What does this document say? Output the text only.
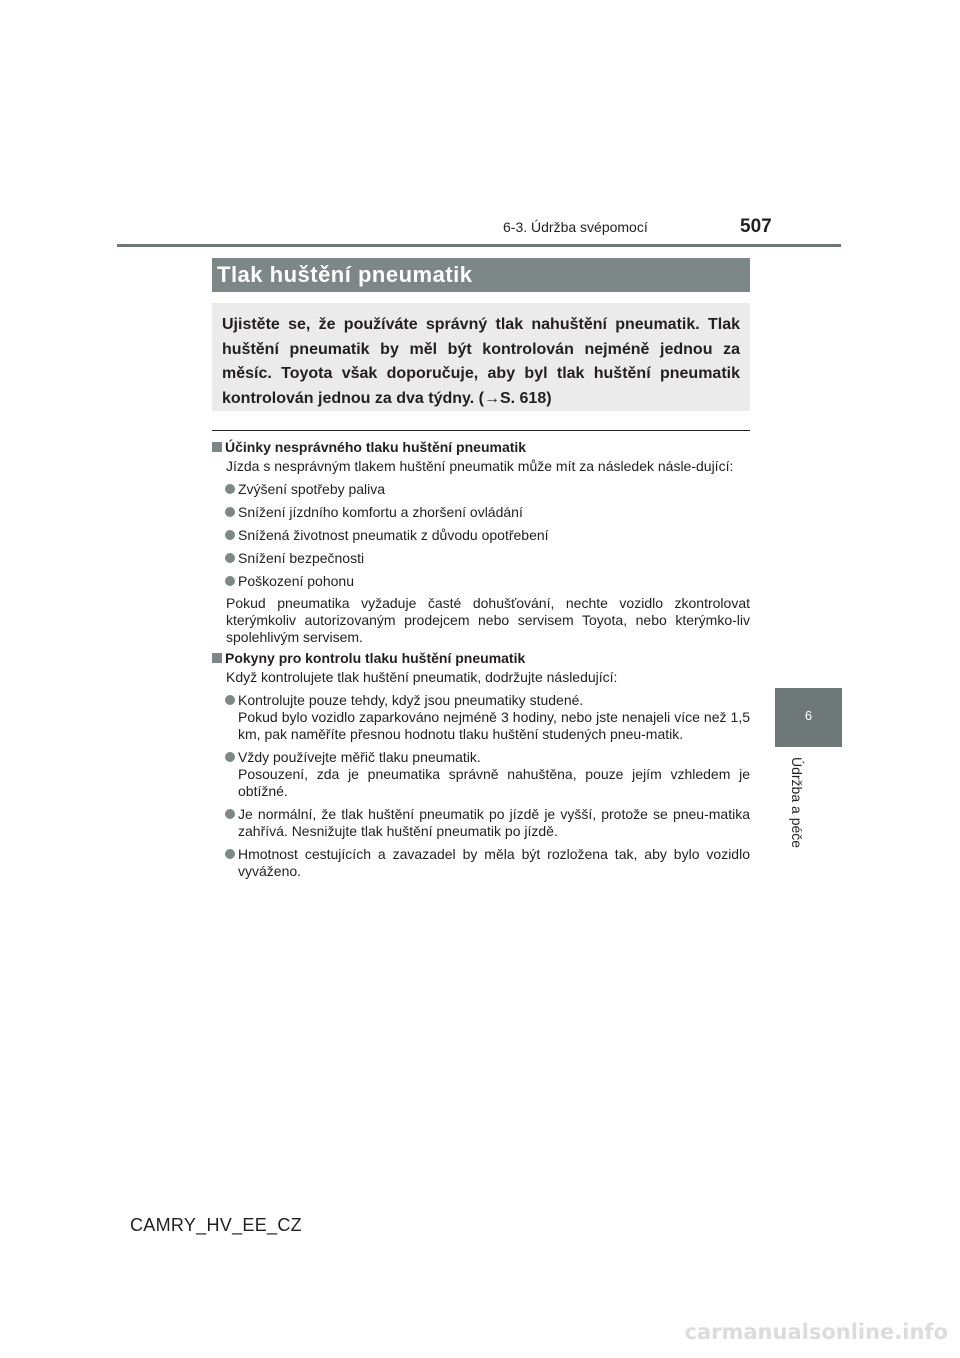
6-3. Údržba svépomocí	507
6
Údržba a péče
Tlak huštění pneumatik
Ujistěte se, že používáte správný tlak nahuštění pneumatik. Tlak huštění pneumatik by měl být kontrolován nejméně jednou za měsíc. Toyota však doporučuje, aby byl tlak huštění pneumatik kontrolován jednou za dva týdny. (→S. 618)
Účinky nesprávného tlaku huštění pneumatik
Jízda s nesprávným tlakem huštění pneumatik může mít za následek násle-dující:
Zvýšení spotřeby paliva
Snížení jízdního komfortu a zhoršení ovládání
Snížená životnost pneumatik z důvodu opotřebení
Snížení bezpečnosti
Poškození pohonu
Pokud pneumatika vyžaduje časté dohušťování, nechte vozidlo zkontrolovat kterýmkoliv autorizovaným prodejcem nebo servisem Toyota, nebo kterýmko-liv spolehlivým servisem.
Pokyny pro kontrolu tlaku huštění pneumatik
Když kontrolujete tlak huštění pneumatik, dodržujte následující:
Kontrolujte pouze tehdy, když jsou pneumatiky studené.
Pokud bylo vozidlo zaparkováno nejméně 3 hodiny, nebo jste nenajeli více než 1,5 km, pak naměříte přesnou hodnotu tlaku huštění studených pneu-matik.
Vždy používejte měřič tlaku pneumatik.
Posouzení, zda je pneumatika správně nahuštěna, pouze jejím vzhledem je obtížné.
Je normální, že tlak huštění pneumatik po jízdě je vyšší, protože se pneu-matika zahřívá. Nesnižujte tlak huštění pneumatik po jízdě.
Hmotnost cestujících a zavazadel by měla být rozložena tak, aby bylo vozidlo vyváženo.
CAMRY_HV_EE_CZ
carmanualsonline.info
